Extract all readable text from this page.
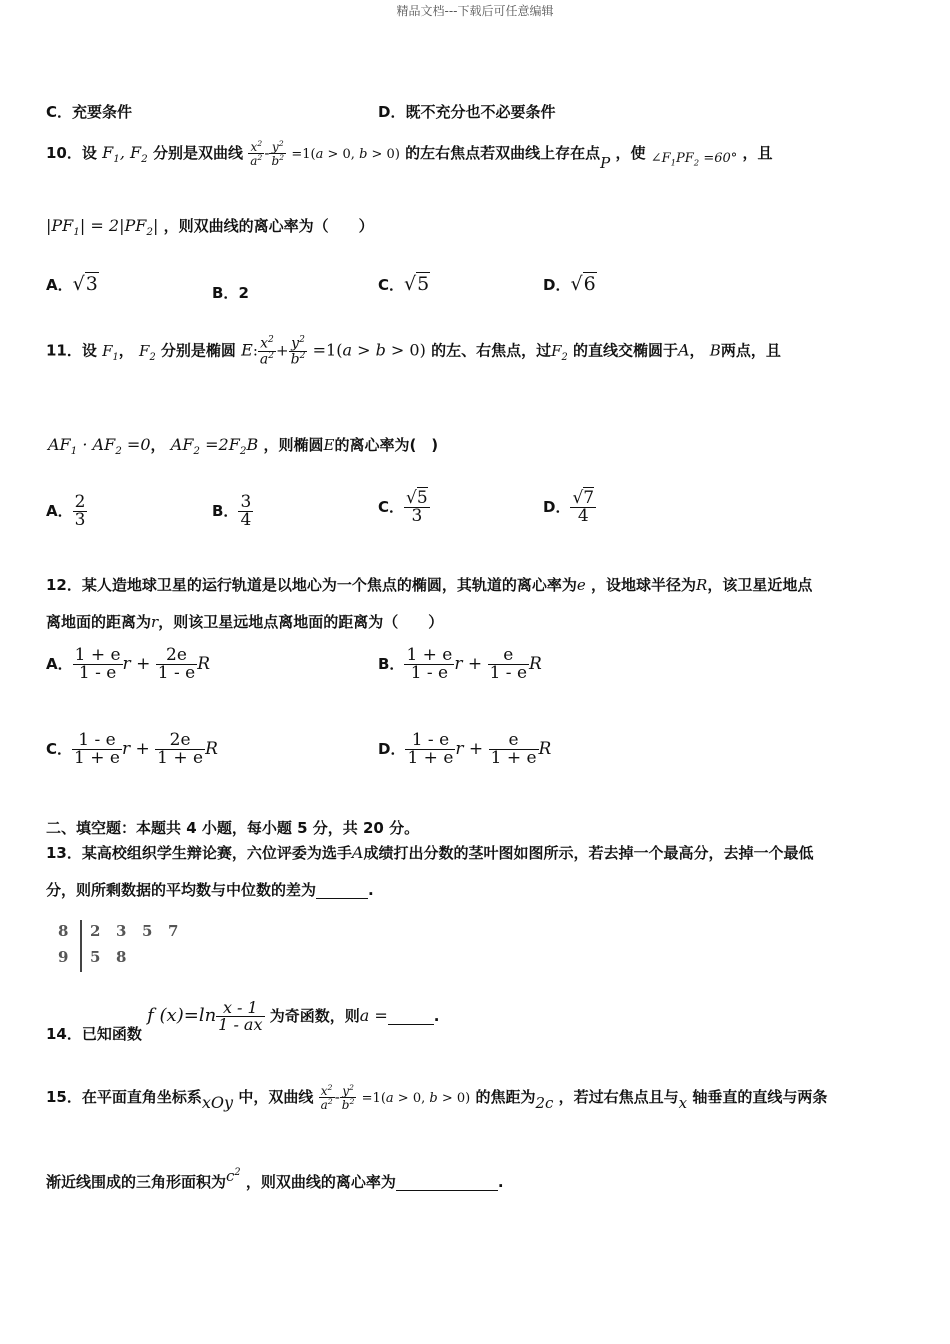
精品文档---下载后可任意编辑
C．充要条件	D．既不充分也不必要条件
10．设 $F_1$, $F_2$ 分别是双曲线 $\frac{x^2}{a^2} - \frac{y^2}{b^2} =1(a > 0$, b > 0) 的左右焦点若双曲线上存在点P ，使 $\angle F_1PF_2 =60^\circ$ ，且
$|PF_1| = 2|PF_2|$ ，则双曲线的离心率为（　　）
A．√3	B．2	C．√5	D．√6
11．设 $F_1$， $F_2$ 分别是椭圆 E: $\frac{x^2}{a^2} + \frac{y^2}{b^2} =1(a > b > 0)$ 的左、右焦点，过$F_2$ 的直线交椭圆于A， B两点，且
$AF_1 \cdot AF_2 =0$， $AF_2 =2F_2B$ ，则椭圆E的离心率为(　)
A． $\frac{2}{3}$	B． $\frac{3}{4}$	C． $\frac{√5}{3}$	D． $\frac{√7}{4}$
12．某人造地球卫星的运行轨道是以地心为一个焦点的椭圆，其轨道的离心率为e ，设地球半径为R，该卫星近地点
离地面的距离为r，则该卫星远地点离地面的距离为（　　）
A． $\frac{1 + e}{1 - e}$ $r + \frac{2e}{1 - e}$ R	B． $\frac{1 + e}{1 - e}$ $r + \frac{e}{1 - e}$ R
C． $\frac{1 - e}{1 + e}$ $r + \frac{2e}{1 + e}$ R	D． $\frac{1 - e}{1 + e}$ $r + \frac{e}{1 + e}$ R
二、填空题：本题共 4 小题，每小题 5 分，共 20 分。
13．某高校组织学生辩论赛，六位评委为选手A成绩打出分数的茎叶图如图所示，若去掉一个最高分，去掉一个最低
分，则所剩数据的平均数与中位数的差为	.
8 2 3 5 7
9 5 8
14．已知函数 f $(x)=\ln \frac{x - 1}{1 - ax}$ 为奇函数，则a =	.
15．在平面直角坐标系xOy 中，双曲线 $\frac{x^2}{a^2} - \frac{y^2}{b^2} =1(a > 0$, b > 0) 的焦距为2c ，若过右焦点且与x 轴垂直的直线与两条
渐近线围成的三角形面积为$c^2$ ，则双曲线的离心率为	.
